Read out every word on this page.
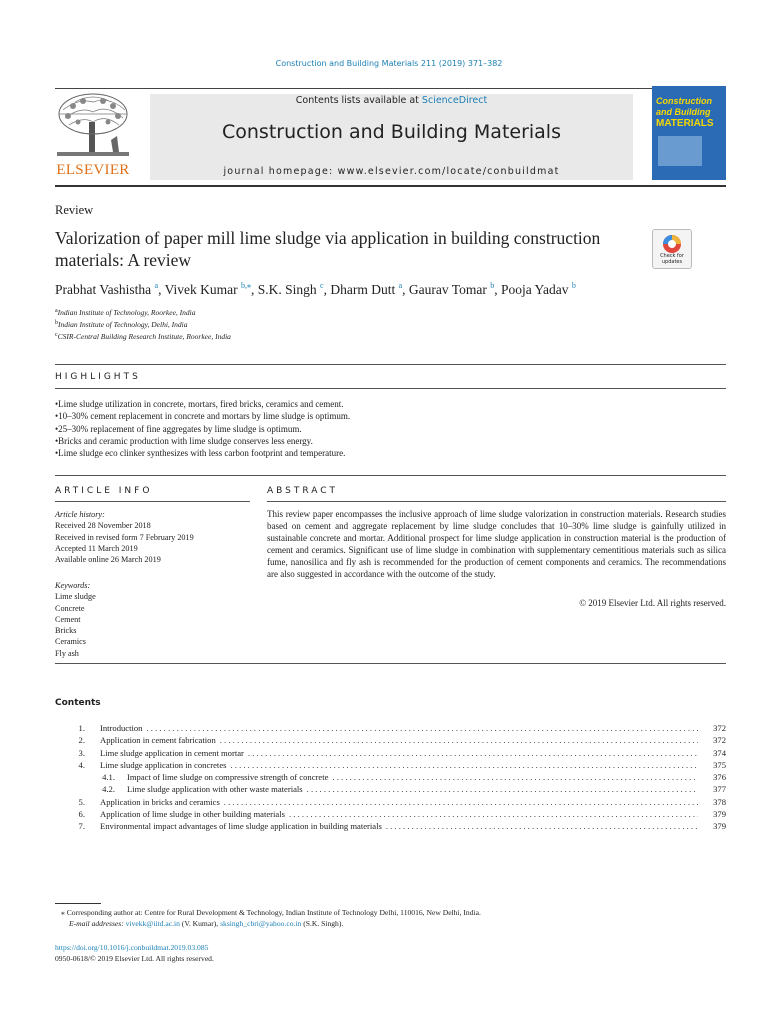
Construction and Building Materials 211 (2019) 371–382
ELSEVIER
Contents lists available at ScienceDirect
Construction and Building Materials
journal homepage: www.elsevier.com/locate/conbuildmat
Construction
and Building
MATERIALS
Review
Valorization of paper mill lime sludge via application in building construction materials: A review	Check for updates
Prabhat Vashistha $^a$, Vivek Kumar $^{b,⁎}$, S.K. Singh $^c$, Dharm Dutt $^a$, Gaurav Tomar $^b$, Pooja Yadav $^b$
$^a$Indian Institute of Technology, Roorkee, India
$^b$Indian Institute of Technology, Delhi, India
$^c$CSIR-Central Building Research Institute, Roorkee, India
HIGHLIGHTS
• Lime sludge utilization in concrete, mortars, fired bricks, ceramics and cement.
• 10–30% cement replacement in concrete and mortars by lime sludge is optimum.
• 25–30% replacement of fine aggregates by lime sludge is optimum.
• Bricks and ceramic production with lime sludge conserves less energy.
• Lime sludge eco clinker synthesizes with less carbon footprint and temperature.
ARTICLE INFO
Article history:
Received 28 November 2018
Received in revised form 7 February 2019
Accepted 11 March 2019
Available online 26 March 2019
Keywords:
Lime sludge
Concrete
Cement
Bricks
Ceramics
Fly ash
ABSTRACT
This review paper encompasses the inclusive approach of lime sludge valorization in construction materials. Research studies based on cement and aggregate replacement by lime sludge concludes that 10–30% lime sludge is gainfully utilized in sustainable concrete and mortar. Additional prospect for lime sludge application in construction material is the production of cement and ceramics. Significant use of lime sludge in combination with supplementary cementitious materials such as silica fume, nanosilica and fly ash is recommended for the production of cement components and ceramics. The recommendations are also suggested in accordance with the outcome of the study.
© 2019 Elsevier Ltd. All rights reserved.
Contents
1.	Introduction . . .	372
2.	Application in cement fabrication . . .	372
3.	Lime sludge application in cement mortar . . .	374
4.	Lime sludge application in concretes . . .	375
4.1.	Impact of lime sludge on compressive strength of concrete . . .	376
4.2.	Lime sludge application with other waste materials . . .	377
5.	Application in bricks and ceramics . . .	378
6.	Application of lime sludge in other building materials . . .	379
7.	Environmental impact advantages of lime sludge application in building materials . . .	379
⁎ Corresponding author at: Centre for Rural Development & Technology, Indian Institute of Technology Delhi, 110016, New Delhi, India.
E-mail addresses: vivekk@iitd.ac.in (V. Kumar), sksingh_cbri@yahoo.co.in (S.K. Singh).
https://doi.org/10.1016/j.conbuildmat.2019.03.085
0950-0618/© 2019 Elsevier Ltd. All rights reserved.
